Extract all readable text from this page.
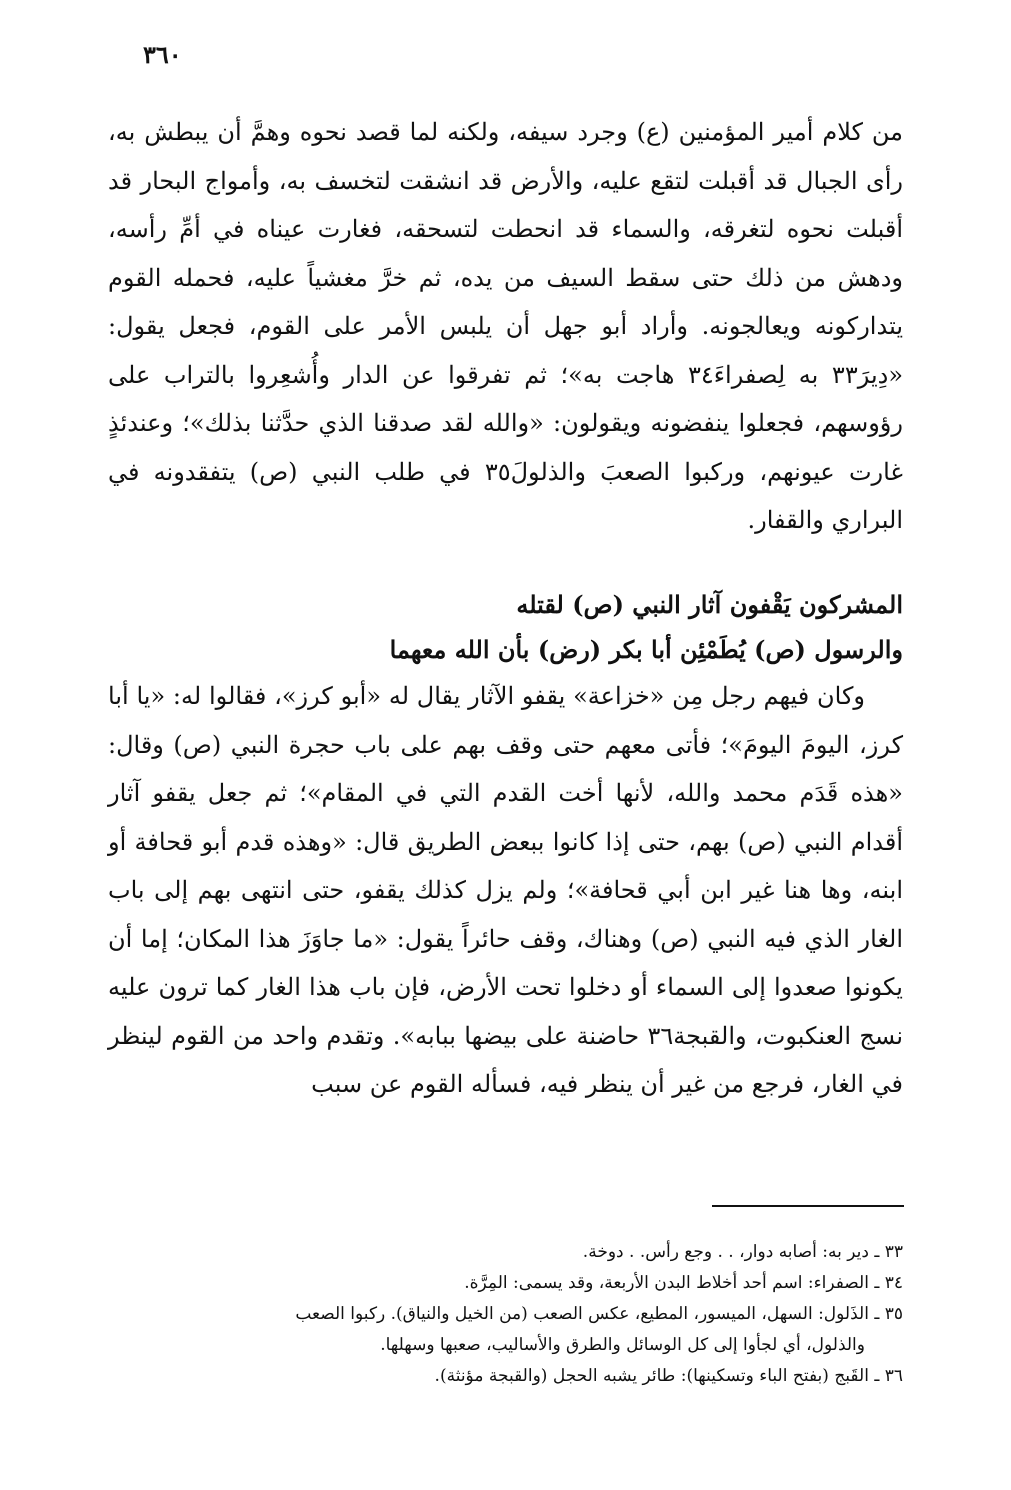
٣٦٠

من كلام أمير المؤمنين (ع) وجرد سيفه، ولكنه لما قصد نحوه وهمَّ أن يبطش به، رأى الجبال قد أقبلت لتقع عليه، والأرض قد انشقت لتخسف به، وأمواج البحار قد أقبلت نحوه لتغرقه، والسماء قد انحطت لتسحقه، فغارت عيناه في أمِّ رأسه، ودهش من ذلك حتى سقط السيف من يده، ثم خرَّ مغشياً عليه، فحمله القوم يتداركونه ويعالجونه. وأراد أبو جهل أن يلبس الأمر على القوم، فجعل يقول: «دِيرَ٣٣ به لِصفراءَ٣٤ هاجت به»؛ ثم تفرقوا عن الدار وأُشعِروا بالتراب على رؤوسهم، فجعلوا ينفضونه ويقولون: «والله لقد صدقنا الذي حدَّثنا بذلك»؛ وعندئذٍ غارت عيونهم، وركبوا الصعبَ والذلولَ٣٥ في طلب النبي (ص) يتفقدونه في البراري والقفار.

المشركون يَقْفون آثار النبي (ص) لقتله
والرسول (ص) يُطَمْئِن أبا بكر (رض) بأن الله معهما

وكان فيهم رجل مِن «خزاعة» يقفو الآثار يقال له «أبو كرز»، فقالوا له: «يا أبا كرز، اليومَ اليومَ»؛ فأتى معهم حتى وقف بهم على باب حجرة النبي (ص) وقال: «هذه قَدَم محمد والله، لأنها أخت القدم التي في المقام»؛ ثم جعل يقفو آثار أقدام النبي (ص) بهم، حتى إذا كانوا ببعض الطريق قال: «وهذه قدم أبو قحافة أو ابنه، وها هنا غير ابن أبي قحافة»؛ ولم يزل كذلك يقفو، حتى انتهى بهم إلى باب الغار الذي فيه النبي (ص) وهناك، وقف حائراً يقول: «ما جاوَزَ هذا المكان؛ إما أن يكونوا صعدوا إلى السماء أو دخلوا تحت الأرض، فإن باب هذا الغار كما ترون عليه نسج العنكبوت، والقبجة٣٦ حاضنة على بيضها ببابه». وتقدم واحد من القوم لينظر في الغار، فرجع من غير أن ينظر فيه، فسأله القوم عن سبب

٣٣ ـ دير به: أصابه دوار، . . وجع رأس. . دوخة.

٣٤ ـ الصفراء: اسم أحد أخلاط البدن الأربعة، وقد يسمى: المِرَّة.

٣٥ ـ الذَلول: السهل، الميسور، المطيع، عكس الصعب (من الخيل والنياق). ركبوا الصعب
والذلول، أي لجأوا إلى كل الوسائل والطرق والأساليب، صعبها وسهلها.

٣٦ ـ القَبج (بفتح الباء وتسكينها): طائر يشبه الحجل (والقبجة مؤنثة).
